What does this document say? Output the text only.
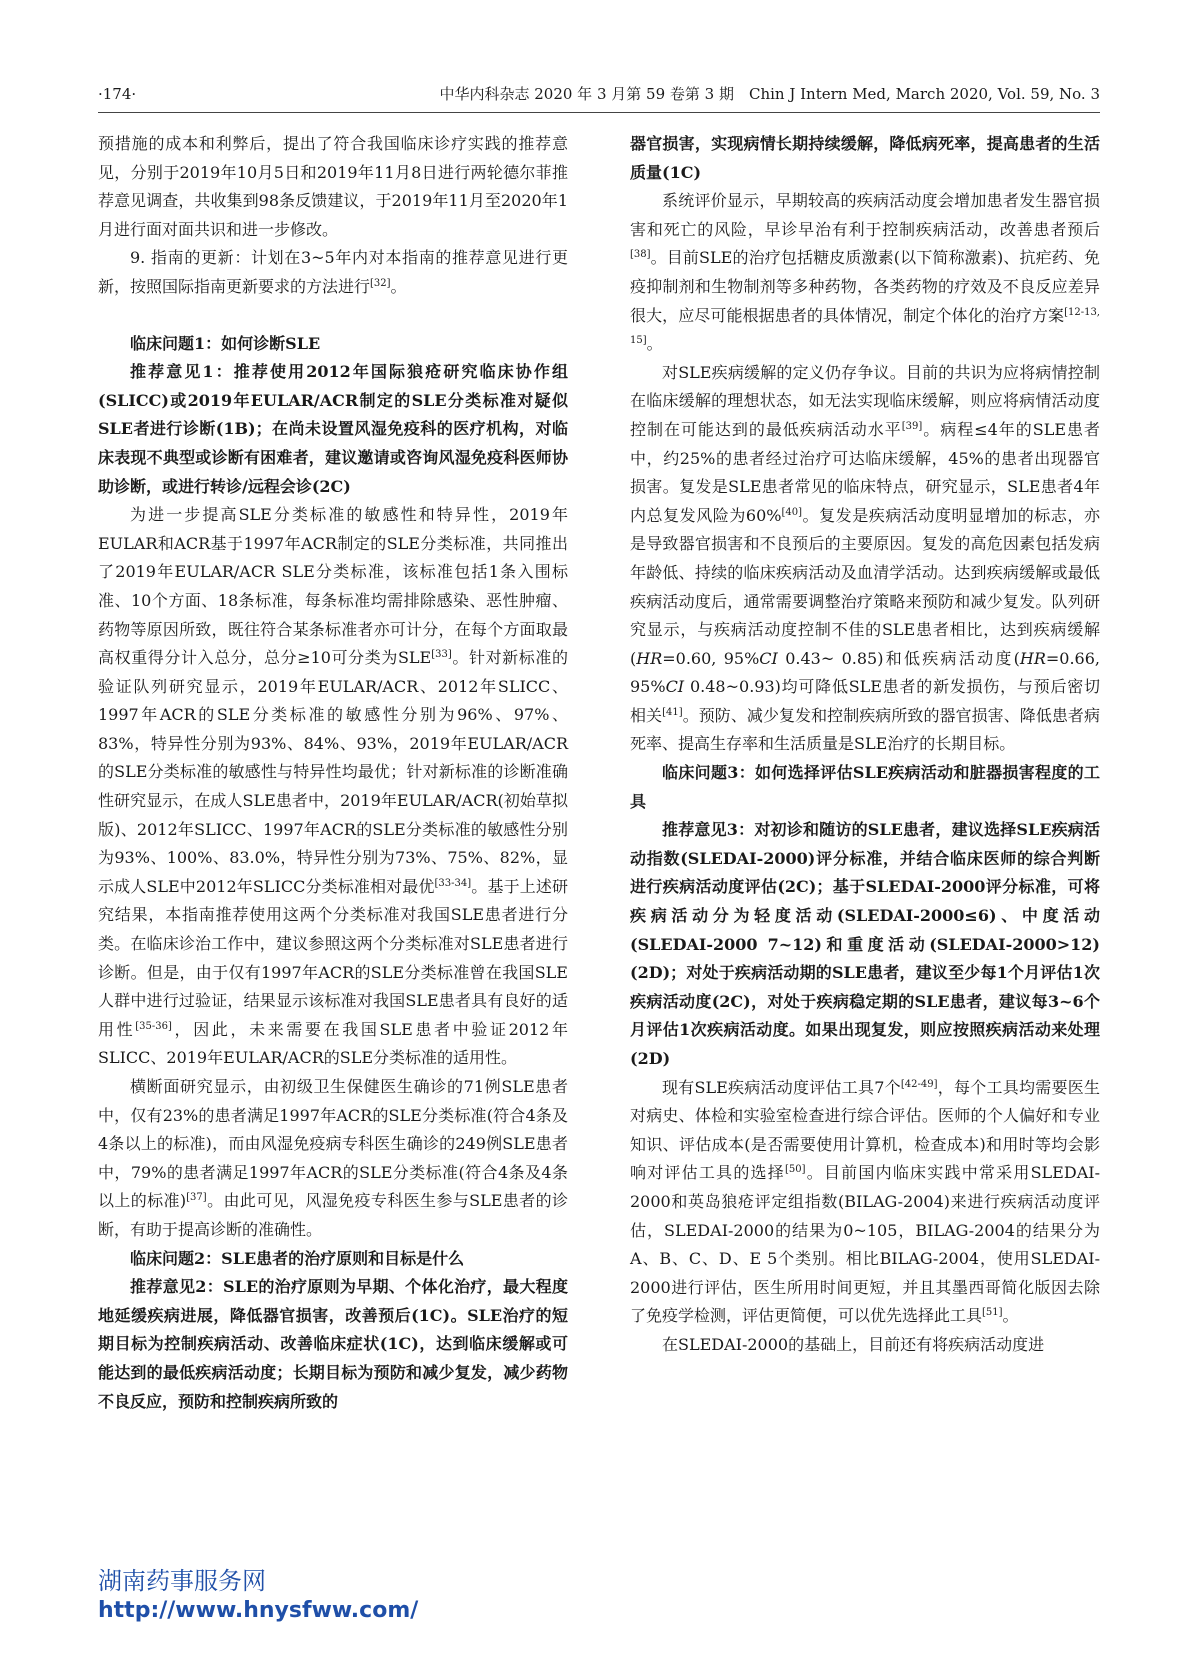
·174·	中华内科杂志 2020 年 3 月第 59 卷第 3 期　Chin J Intern Med, March 2020, Vol. 59, No. 3

预措施的成本和利弊后，提出了符合我国临床诊疗实践的推荐意见，分别于2019年10月5日和2019年11月8日进行两轮德尔菲推荐意见调查，共收集到98条反馈建议，于2019年11月至2020年1月进行面对面共识和进一步修改。

9. 指南的更新：计划在3~5年内对本指南的推荐意见进行更新，按照国际指南更新要求的方法进行[32]。

临床问题1：如何诊断SLE

推荐意见1：推荐使用2012年国际狼疮研究临床协作组(SLICC)或2019年EULAR/ACR制定的SLE分类标准对疑似SLE者进行诊断(1B)；在尚未设置风湿免疫科的医疗机构，对临床表现不典型或诊断有困难者，建议邀请或咨询风湿免疫科医师协助诊断，或进行转诊/远程会诊(2C)

为进一步提高SLE分类标准的敏感性和特异性，2019年EULAR和ACR基于1997年ACR制定的SLE分类标准，共同推出了2019年EULAR/ACR SLE分类标准，该标准包括1条入围标准、10个方面、18条标准，每条标准均需排除感染、恶性肿瘤、药物等原因所致，既往符合某条标准者亦可计分，在每个方面取最高权重得分计入总分，总分≥10可分类为SLE[33]。针对新标准的验证队列研究显示，2019年EULAR/ACR、2012年SLICC、1997年ACR的SLE分类标准的敏感性分别为96%、97%、83%，特异性分别为93%、84%、93%，2019年EULAR/ACR的SLE分类标准的敏感性与特异性均最优；针对新标准的诊断准确性研究显示，在成人SLE患者中，2019年EULAR/ACR(初始草拟版)、2012年SLICC、1997年ACR的SLE分类标准的敏感性分别为93%、100%、83.0%，特异性分别为73%、75%、82%，显示成人SLE中2012年SLICC分类标准相对最优[33-34]。基于上述研究结果，本指南推荐使用这两个分类标准对我国SLE患者进行分类。在临床诊治工作中，建议参照这两个分类标准对SLE患者进行诊断。但是，由于仅有1997年ACR的SLE分类标准曾在我国SLE人群中进行过验证，结果显示该标准对我国SLE患者具有良好的适用性[35-36]，因此，未来需要在我国SLE患者中验证2012年SLICC、2019年EULAR/ACR的SLE分类标准的适用性。

横断面研究显示，由初级卫生保健医生确诊的71例SLE患者中，仅有23%的患者满足1997年ACR的SLE分类标准(符合4条及4条以上的标准)，而由风湿免疫病专科医生确诊的249例SLE患者中，79%的患者满足1997年ACR的SLE分类标准(符合4条及4条以上的标准)[37]。由此可见，风湿免疫专科医生参与SLE患者的诊断，有助于提高诊断的准确性。

临床问题2：SLE患者的治疗原则和目标是什么

推荐意见2：SLE的治疗原则为早期、个体化治疗，最大程度地延缓疾病进展，降低器官损害，改善预后(1C)。SLE治疗的短期目标为控制疾病活动、改善临床症状(1C)，达到临床缓解或可能达到的最低疾病活动度；长期目标为预防和减少复发，减少药物不良反应，预防和控制疾病所致的

器官损害，实现病情长期持续缓解，降低病死率，提高患者的生活质量(1C)

系统评价显示，早期较高的疾病活动度会增加患者发生器官损害和死亡的风险，早诊早治有利于控制疾病活动，改善患者预后[38]。目前SLE的治疗包括糖皮质激素(以下简称激素)、抗疟药、免疫抑制剂和生物制剂等多种药物，各类药物的疗效及不良反应差异很大，应尽可能根据患者的具体情况，制定个体化的治疗方案[12-13, 15]。

对SLE疾病缓解的定义仍存争议。目前的共识为应将病情控制在临床缓解的理想状态，如无法实现临床缓解，则应将病情活动度控制在可能达到的最低疾病活动水平[39]。病程≤4年的SLE患者中，约25%的患者经过治疗可达临床缓解，45%的患者出现器官损害。复发是SLE患者常见的临床特点，研究显示，SLE患者4年内总复发风险为60%[40]。复发是疾病活动度明显增加的标志，亦是导致器官损害和不良预后的主要原因。复发的高危因素包括发病年龄低、持续的临床疾病活动及血清学活动。达到疾病缓解或最低疾病活动度后，通常需要调整治疗策略来预防和减少复发。队列研究显示，与疾病活动度控制不佳的SLE患者相比，达到疾病缓解(HR=0.60, 95%CI 0.43~ 0.85)和低疾病活动度(HR=0.66, 95%CI 0.48~0.93)均可降低SLE患者的新发损伤，与预后密切相关[41]。预防、减少复发和控制疾病所致的器官损害、降低患者病死率、提高生存率和生活质量是SLE治疗的长期目标。

临床问题3：如何选择评估SLE疾病活动和脏器损害程度的工具

推荐意见3：对初诊和随访的SLE患者，建议选择SLE疾病活动指数(SLEDAI-2000)评分标准，并结合临床医师的综合判断进行疾病活动度评估(2C)；基于SLEDAI-2000评分标准，可将疾病活动分为轻度活动(SLEDAI-2000≤6)、中度活动(SLEDAI-2000 7~12)和重度活动(SLEDAI-2000>12)(2D)；对处于疾病活动期的SLE患者，建议至少每1个月评估1次疾病活动度(2C)，对处于疾病稳定期的SLE患者，建议每3~6个月评估1次疾病活动度。如果出现复发，则应按照疾病活动来处理(2D)

现有SLE疾病活动度评估工具7个[42-49]，每个工具均需要医生对病史、体检和实验室检查进行综合评估。医师的个人偏好和专业知识、评估成本(是否需要使用计算机，检查成本)和用时等均会影响对评估工具的选择[50]。目前国内临床实践中常采用SLEDAI-2000和英岛狼疮评定组指数(BILAG-2004)来进行疾病活动度评估，SLEDAI-2000的结果为0~105，BILAG-2004的结果分为A、B、C、D、E 5个类别。相比BILAG-2004，使用SLEDAI-2000进行评估，医生所用时间更短，并且其墨西哥简化版因去除了免疫学检测，评估更简便，可以优先选择此工具[51]。

在SLEDAI-2000的基础上，目前还有将疾病活动度进

湖南药事服务网
http://www.hnysfww.com/
